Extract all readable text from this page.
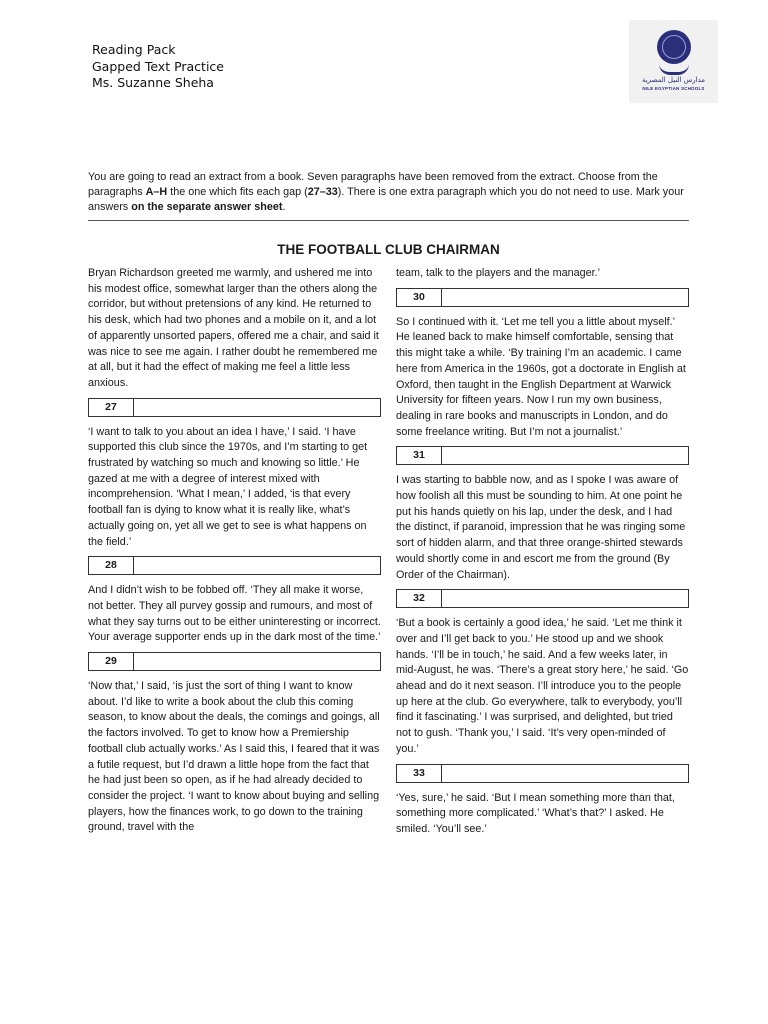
Reading Pack
Gapped Text Practice
Ms. Suzanne Sheha	مدارس النيل المصرية
NILE EGYPTIAN SCHOOLS
You are going to read an extract from a book. Seven paragraphs have been removed from the extract. Choose from the paragraphs A–H the one which fits each gap (27–33). There is one extra paragraph which you do not need to use. Mark your answers on the separate answer sheet.
THE FOOTBALL CLUB CHAIRMAN

Bryan Richardson greeted me warmly, and ushered me into his modest office, somewhat larger than the others along the corridor, but without pretensions of any kind. He returned to his desk, which had two phones and a mobile on it, and a lot of apparently unsorted papers, offered me a chair, and said it was nice to see me again. I rather doubt he remembered me at all, but it had the effect of making me feel a little less anxious.

27

‘I want to talk to you about an idea I have,’ I said. ‘I have supported this club since the 1970s, and I’m starting to get frustrated by watching so much and knowing so little.’ He gazed at me with a degree of interest mixed with incomprehension. ‘What I mean,’ I added, ‘is that every football fan is dying to know what it is really like, what’s actually going on, yet all we get to see is what happens on the field.’

28

And I didn’t wish to be fobbed off. ‘They all make it worse, not better. They all purvey gossip and rumours, and most of what they say turns out to be either uninteresting or incorrect. Your average supporter ends up in the dark most of the time.’

29

‘Now that,’ I said, ‘is just the sort of thing I want to know about. I’d like to write a book about the club this coming season, to know about the deals, the comings and goings, all the factors involved. To get to know how a Premiership football club actually works.’ As I said this, I feared that it was a futile request, but I’d drawn a little hope from the fact that he had just been so open, as if he had already decided to consider the project. ‘I want to know about buying and selling players, how the finances work, to go down to the training ground, travel with the

team, talk to the players and the manager.’

30

So I continued with it. ‘Let me tell you a little about myself.’ He leaned back to make himself comfortable, sensing that this might take a while. ‘By training I’m an academic. I came here from America in the 1960s, got a doctorate in English at Oxford, then taught in the English Department at Warwick University for fifteen years. Now I run my own business, dealing in rare books and manuscripts in London, and do some freelance writing. But I’m not a journalist.’

31

I was starting to babble now, and as I spoke I was aware of how foolish all this must be sounding to him. At one point he put his hands quietly on his lap, under the desk, and I had the distinct, if paranoid, impression that he was ringing some sort of hidden alarm, and that three orange-shirted stewards would shortly come in and escort me from the ground (By Order of the Chairman).

32

‘But a book is certainly a good idea,’ he said. ‘Let me think it over and I’ll get back to you.’ He stood up and we shook hands. ‘I’ll be in touch,’ he said. And a few weeks later, in mid-August, he was. ‘There’s a great story here,’ he said. ‘Go ahead and do it next season. I’ll introduce you to the people up here at the club. Go everywhere, talk to everybody, you’ll find it fascinating.’ I was surprised, and delighted, but tried not to gush. ‘Thank you,’ I said. ‘It’s very open-minded of you.’

33

‘Yes, sure,’ he said. ‘But I mean something more than that, something more complicated.’ ‘What’s that?’ I asked. He smiled. ‘You’ll see.’
